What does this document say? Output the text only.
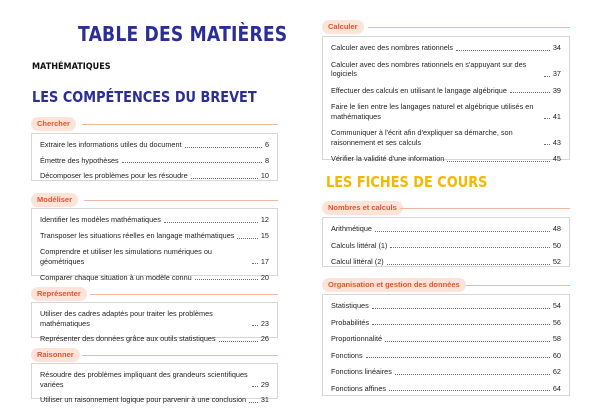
TABLE DES MATIÈRES
MATHÉMATIQUES
LES COMPÉTENCES DU BREVET
Chercher
Extraire les informations utiles du document	6
Émettre des hypothèses	8
Décomposer les problèmes pour les résoudre	10
Modéliser
Identifier les modèles mathématiques	12
Transposer les situations réelles en langage mathématiques	15
Comprendre et utiliser les simulations numériques ou géométriques	17
Comparer chaque situation à un modèle connu	20
Représenter
Utiliser des cadres adaptés pour traiter les problèmes mathématiques	23
Représenter des données grâce aux outils statistiques	26
Raisonner
Résoudre des problèmes impliquant des grandeurs scientifiques variées	29
Utiliser un raisonnement logique pour parvenir à une conclusion 31
Calculer
Calculer avec des nombres rationnels	34
Calculer avec des nombres rationnels en s'appuyant sur des logiciels	37
Effectuer des calculs en utilisant le langage algébrique	39
Faire le lien entre les langages naturel et algébrique utilisés en mathématiques	41
Communiquer à l'écrit afin d'expliquer sa démarche, son raisonnement et ses calculs	43
Vérifier la validité d'une information	45
LES FICHES DE COURS
Nombres et calculs
Arithmétique	48
Calculs littéral (1)	50
Calcul littéral (2)	52
Organisation et gestion des données
Statistiques	54
Probabilités	56
Proportionnalité	58
Fonctions	60
Fonctions linéaires	62
Fonctions affines	64
